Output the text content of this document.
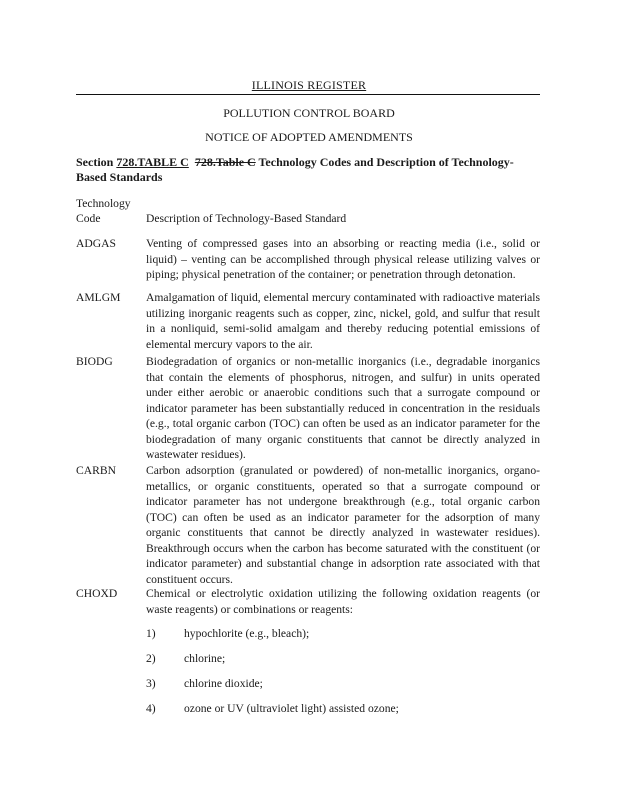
ILLINOIS REGISTER
POLLUTION CONTROL BOARD
NOTICE OF ADOPTED AMENDMENTS
Section 728.TABLE C 728.Table C Technology Codes and Description of Technology-Based Standards
Technology
Code	Description of Technology-Based Standard
ADGAS	Venting of compressed gases into an absorbing or reacting media (i.e., solid or liquid) – venting can be accomplished through physical release utilizing valves or piping; physical penetration of the container; or penetration through detonation.
AMLGM Amalgamation of liquid, elemental mercury contaminated with radioactive materials utilizing inorganic reagents such as copper, zinc, nickel, gold, and sulfur that result in a nonliquid, semi-solid amalgam and thereby reducing potential emissions of elemental mercury vapors to the air.
BIODG	Biodegradation of organics or non-metallic inorganics (i.e., degradable inorganics that contain the elements of phosphorus, nitrogen, and sulfur) in units operated under either aerobic or anaerobic conditions such that a surrogate compound or indicator parameter has been substantially reduced in concentration in the residuals (e.g., total organic carbon (TOC) can often be used as an indicator parameter for the biodegradation of many organic constituents that cannot be directly analyzed in wastewater residues).
CARBN	Carbon adsorption (granulated or powdered) of non-metallic inorganics, organo-metallics, or organic constituents, operated so that a surrogate compound or indicator parameter has not undergone breakthrough (e.g., total organic carbon (TOC) can often be used as an indicator parameter for the adsorption of many organic constituents that cannot be directly analyzed in wastewater residues). Breakthrough occurs when the carbon has become saturated with the constituent (or indicator parameter) and substantial change in adsorption rate associated with that constituent occurs.
CHOXD Chemical or electrolytic oxidation utilizing the following oxidation reagents (or waste reagents) or combinations or reagents:
1) hypochlorite (e.g., bleach);
2) chlorine;
3) chlorine dioxide;
4) ozone or UV (ultraviolet light) assisted ozone;
